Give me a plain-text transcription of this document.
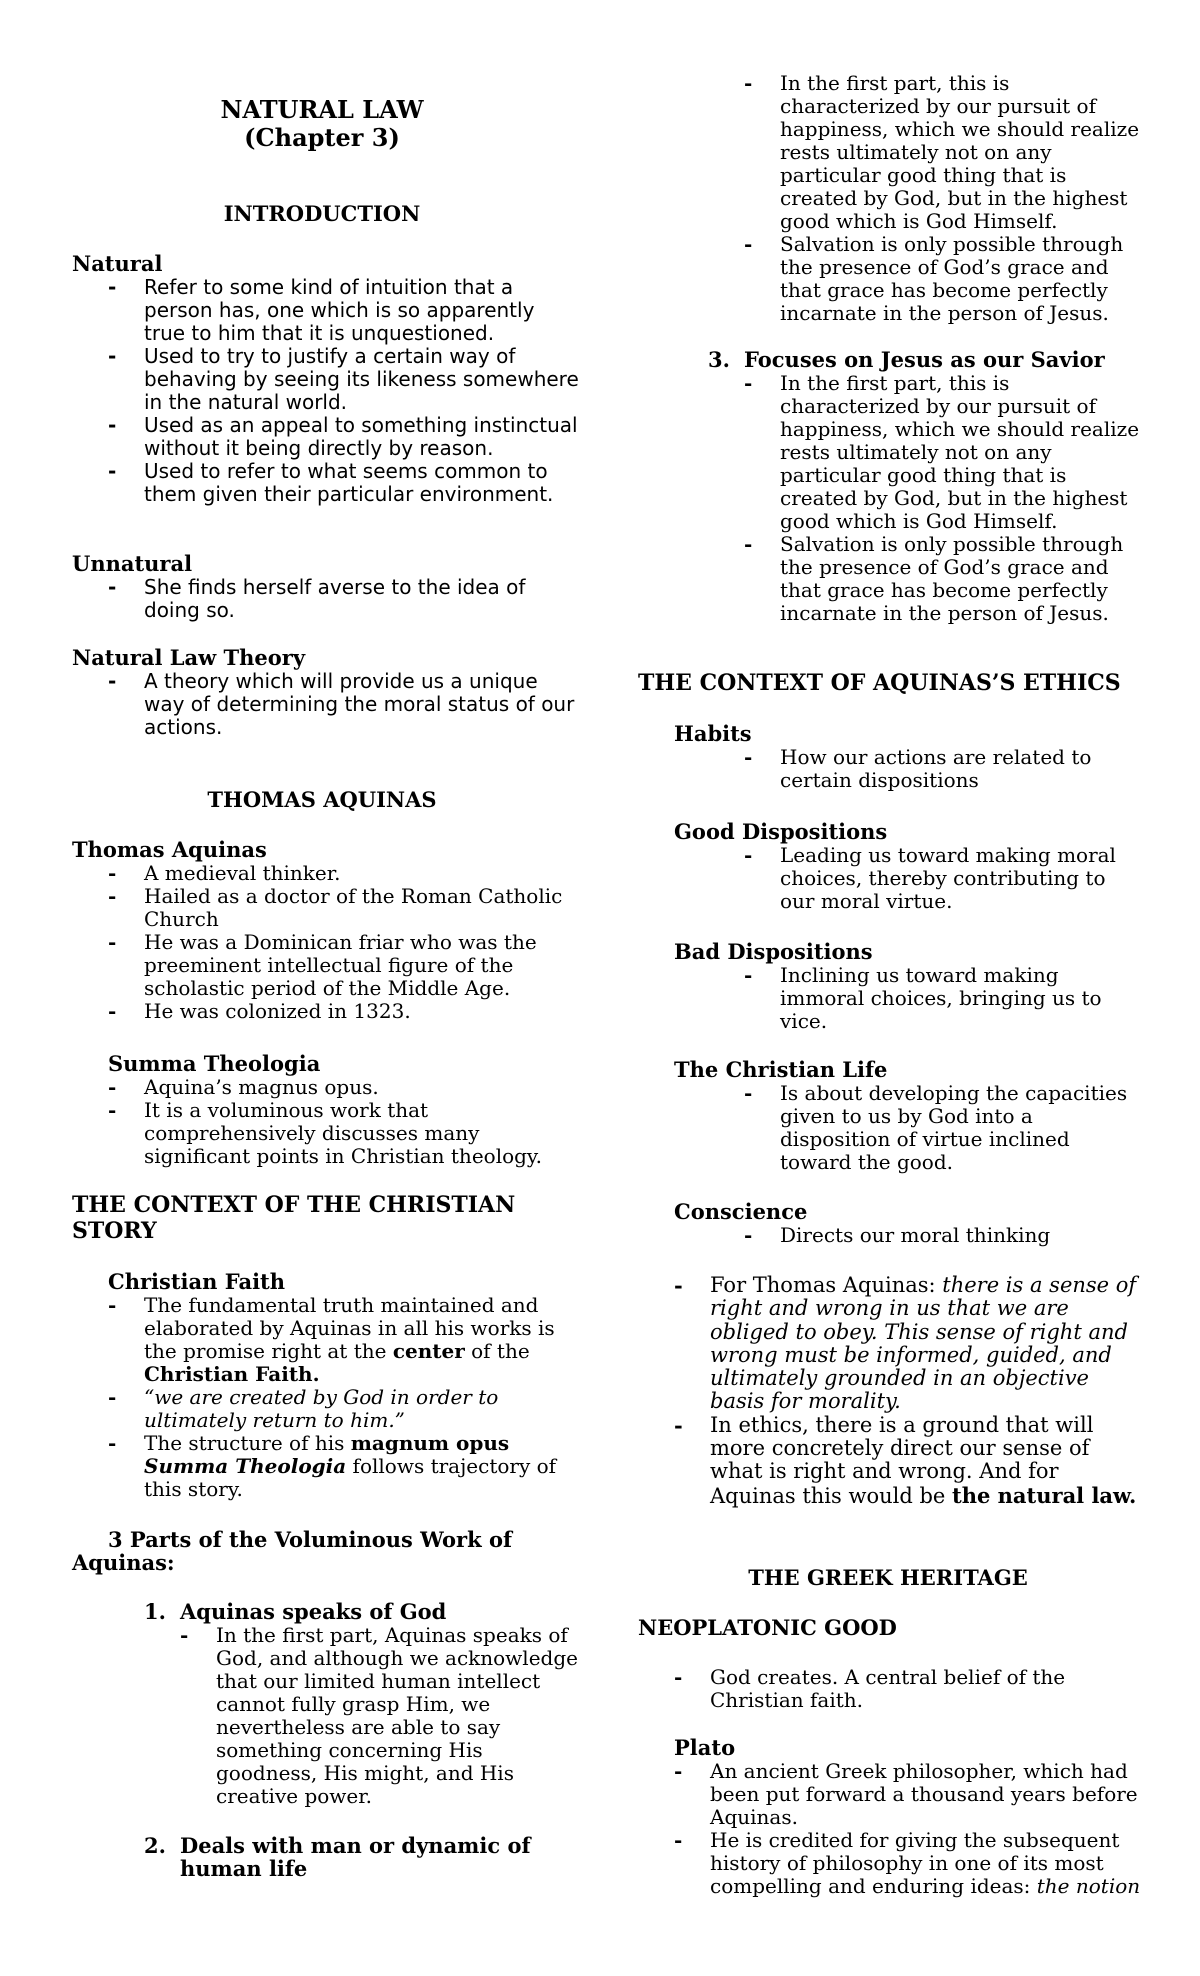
NATURAL LAW
(Chapter 3)
INTRODUCTION
Natural
- Refer to some kind of intuition that a person has, one which is so apparently true to him that it is unquestioned.
- Used to try to justify a certain way of behaving by seeing its likeness somewhere in the natural world.
- Used as an appeal to something instinctual without it being directly by reason.
- Used to refer to what seems common to them given their particular environment.
Unnatural
- She finds herself averse to the idea of doing so.
Natural Law Theory
- A theory which will provide us a unique way of determining the moral status of our actions.
THOMAS AQUINAS
Thomas Aquinas
- A medieval thinker.
- Hailed as a doctor of the Roman Catholic Church
- He was a Dominican friar who was the preeminent intellectual figure of the scholastic period of the Middle Age.
- He was colonized in 1323.
Summa Theologia
- Aquina’s magnus opus.
- It is a voluminous work that comprehensively discusses many significant points in Christian theology.
THE CONTEXT OF THE CHRISTIAN STORY
Christian Faith
- The fundamental truth maintained and elaborated by Aquinas in all his works is the promise right at the center of the Christian Faith.
- “we are created by God in order to ultimately return to him.”
- The structure of his magnum opus
Summa Theologia follows trajectory of this story.
3 Parts of the Voluminous Work of Aquinas:
1. Aquinas speaks of God
- In the first part, Aquinas speaks of God, and although we acknowledge that our limited human intellect cannot fully grasp Him, we nevertheless are able to say something concerning His goodness, His might, and His creative power.
2. Deals with man or dynamic of human life
- In the first part, this is characterized by our pursuit of happiness, which we should realize rests ultimately not on any particular good thing that is created by God, but in the highest good which is God Himself.
- Salvation is only possible through the presence of God’s grace and that grace has become perfectly incarnate in the person of Jesus.
3. Focuses on Jesus as our Savior
- In the first part, this is characterized by our pursuit of happiness, which we should realize rests ultimately not on any particular good thing that is created by God, but in the highest good which is God Himself.
- Salvation is only possible through the presence of God’s grace and that grace has become perfectly incarnate in the person of Jesus.
THE CONTEXT OF AQUINAS’S ETHICS
Habits
- How our actions are related to certain dispositions
Good Dispositions
- Leading us toward making moral choices, thereby contributing to our moral virtue.
Bad Dispositions
- Inclining us toward making immoral choices, bringing us to vice.
The Christian Life
- Is about developing the capacities given to us by God into a disposition of virtue inclined toward the good.
Conscience
- Directs our moral thinking
- For Thomas Aquinas: there is a sense of right and wrong in us that we are obliged to obey. This sense of right and wrong must be informed, guided, and ultimately grounded in an objective basis for morality.
- In ethics, there is a ground that will more concretely direct our sense of what is right and wrong. And for Aquinas this would be the natural law.
THE GREEK HERITAGE
NEOPLATONIC GOOD
- God creates. A central belief of the Christian faith.
Plato
- An ancient Greek philosopher, which had been put forward a thousand years before Aquinas.
- He is credited for giving the subsequent history of philosophy in one of its most compelling and enduring ideas: the notion
